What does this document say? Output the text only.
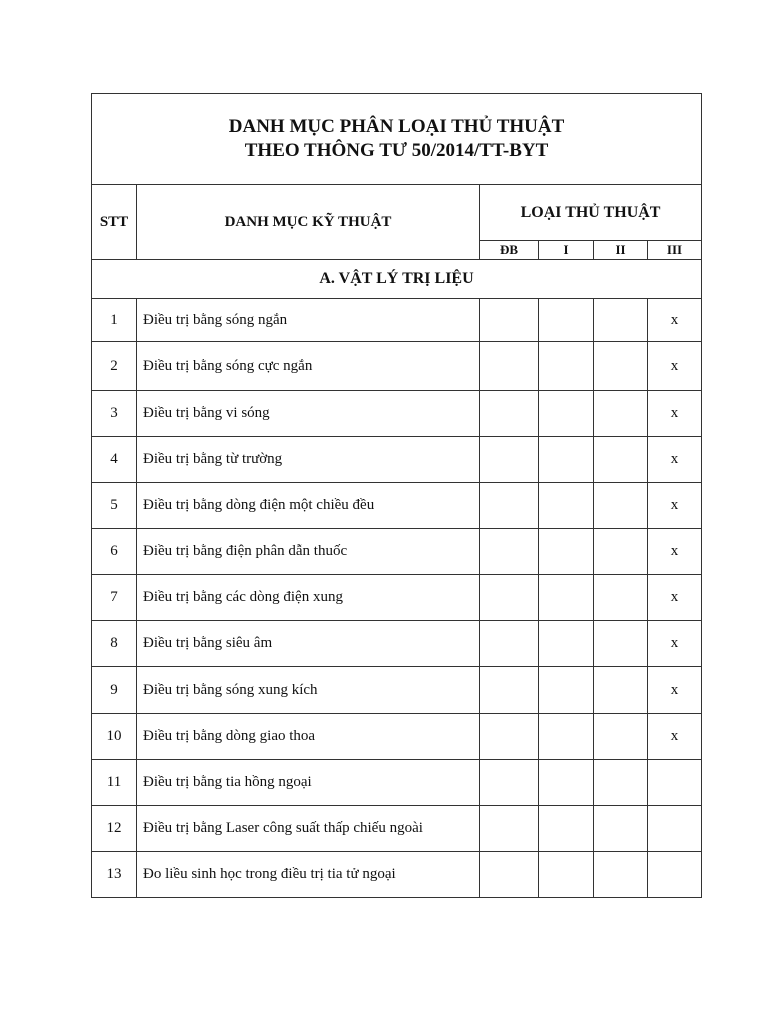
DANH MỤC PHÂN LOẠI THỦ THUẬT
THEO THÔNG TƯ 50/2014/TT-BYT					

STT	DANH MỤC KỸ THUẬT	LOẠI THỦ THUẬT			
		ĐB	I	II	III
A. VẬT LÝ TRỊ LIỆU					
1	Điều trị bằng sóng ngắn				x
2	Điều trị bằng sóng cực ngắn				x
3	Điều trị bằng vi sóng				x
4	Điều trị bằng từ trường				x
5	Điều trị bằng dòng điện một chiều đều				x
6	Điều trị bằng điện phân dẫn thuốc				x
7	Điều trị bằng các dòng điện xung				x
8	Điều trị bằng siêu âm				x
9	Điều trị bằng sóng xung kích				x
10	Điều trị bằng dòng giao thoa				x
11	Điều trị bằng tia hồng ngoại				
12	Điều trị bằng Laser công suất thấp chiếu ngoài				
13	Đo liều sinh học trong điều trị tia tử ngoại				
